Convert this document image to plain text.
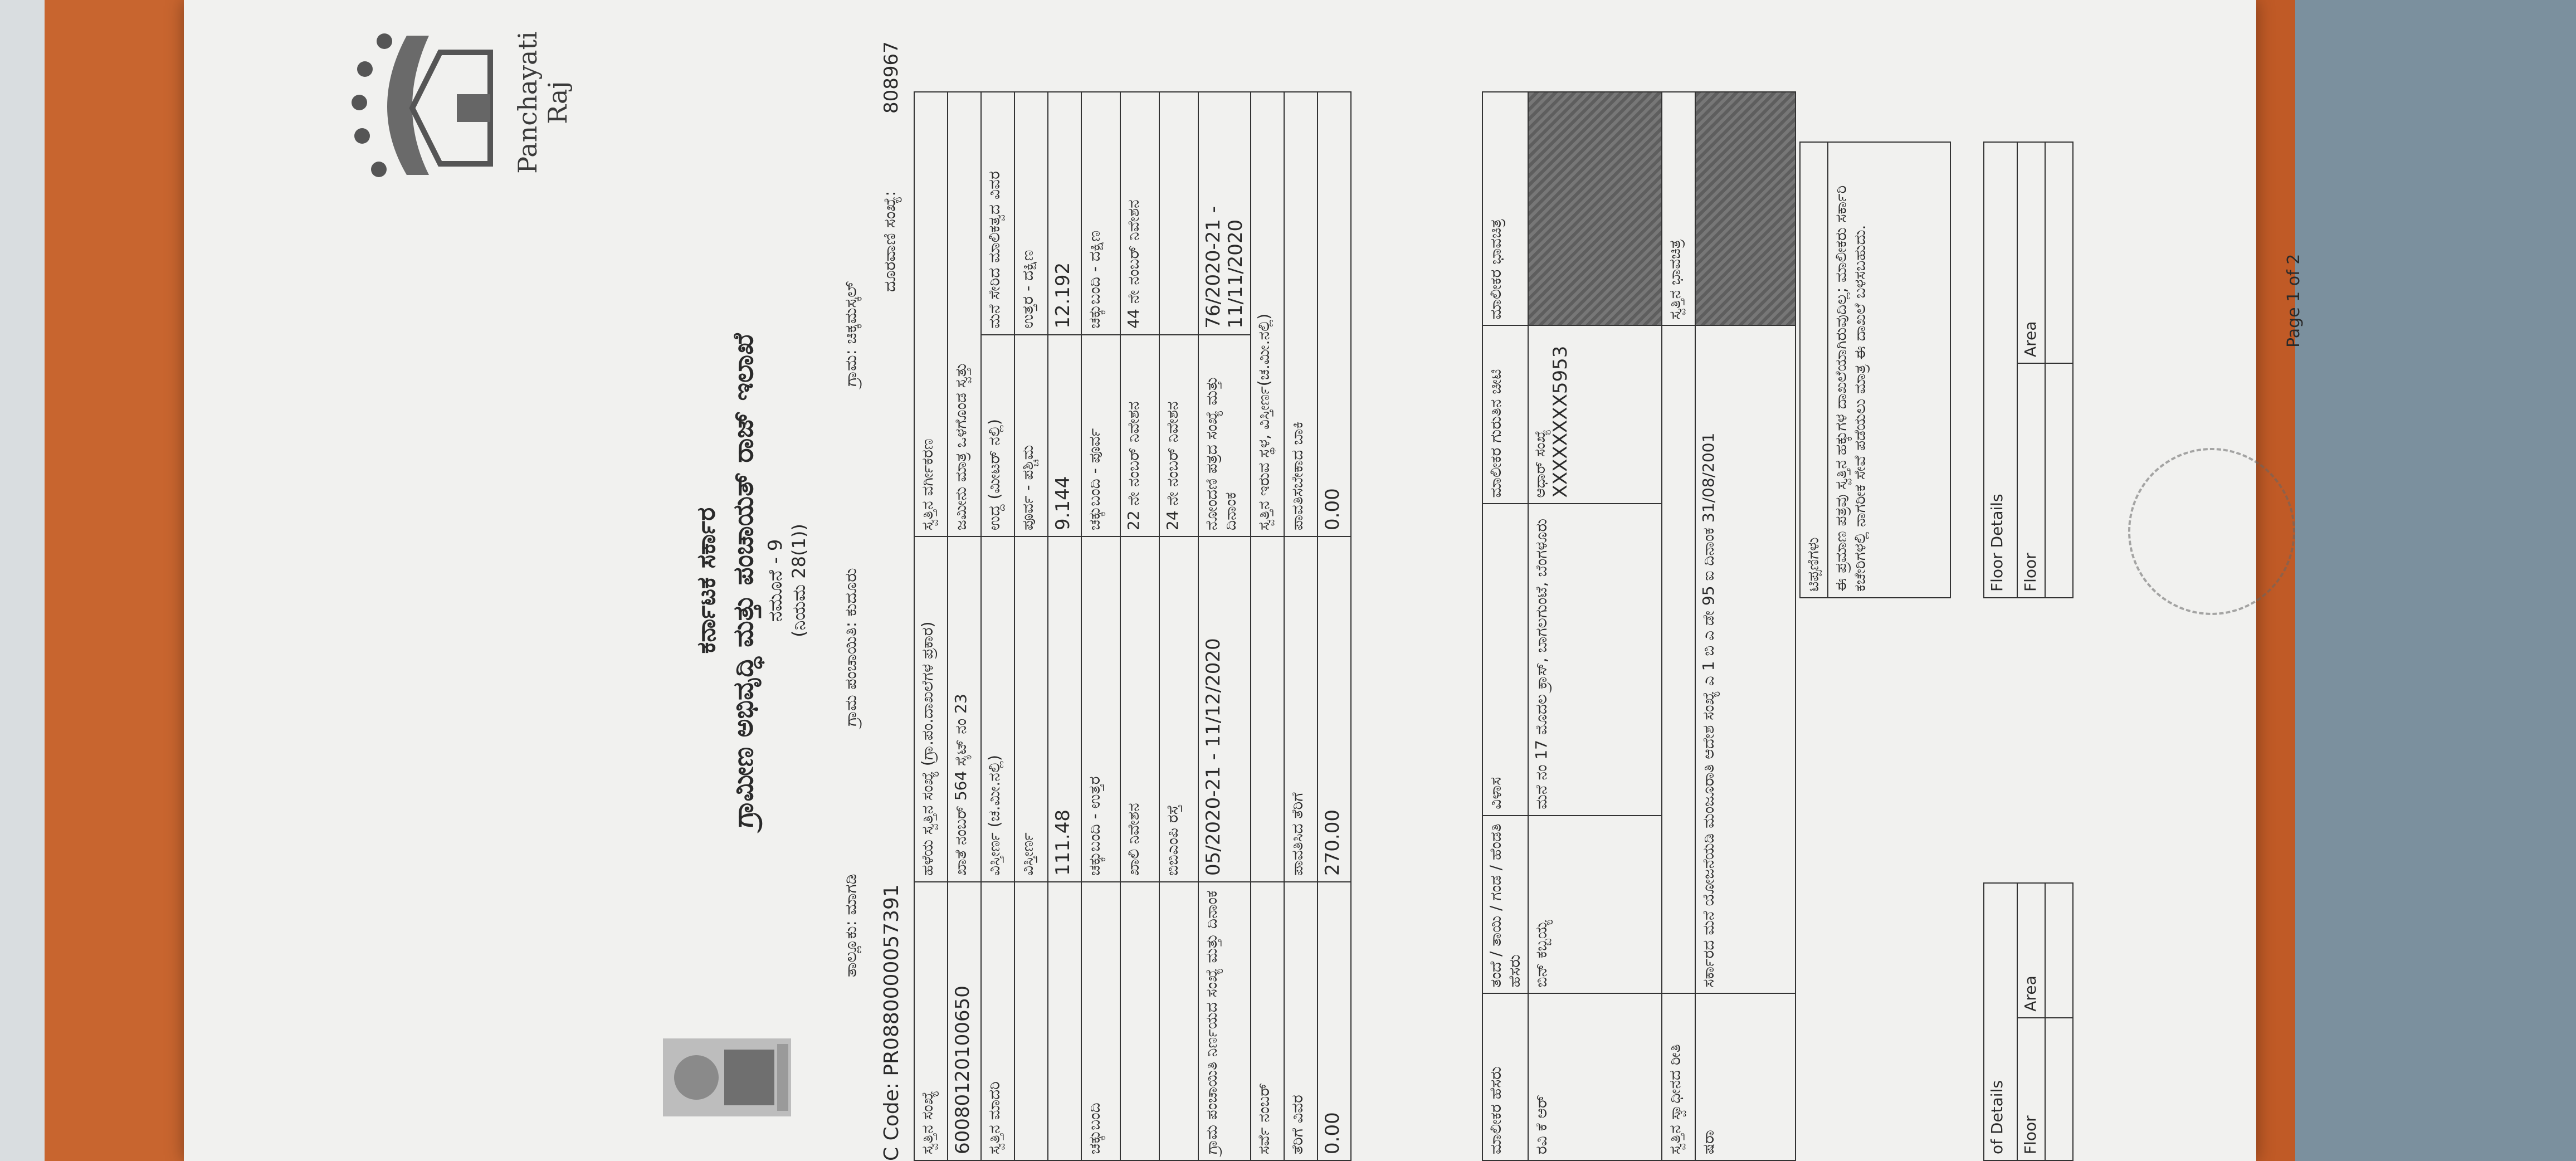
Panchayati Raj
ಕರ್ನಾಟಕ ಸರ್ಕಾರ ಗ್ರಾಮೀಣ ಅಭಿವೃದ್ಧಿ ಮತ್ತು ಪಂಚಾಯತ್ ರಾಜ್ ಇಲಾಖೆ ನಮೂನೆ - 9 (ನಿಯಮ 28(1))
ತಾಲ್ಲೂಕು: ಮಾಗಡಿ
ಗ್ರಾಮ ಪಂಚಾಯಿತಿ: ಕುದೂರು
ಗ್ರಾಮ: ಚಿಕ್ಕಮಸ್ಕಲ್
C Code: PR0880000057391
ದೂರವಾಣಿ ಸಂಖ್ಯೆ:
808967
ಸ್ವತ್ತಿನ ಸಂಖ್ಯೆ	ಹಳೆಯ ಸ್ವತ್ತಿನ ಸಂಖ್ಯೆ (ಗ್ರಾ.ಪಂ.ದಾಖಲೆಗಳ ಪ್ರಕಾರ)	ಸ್ವತ್ತಿನ ವರ್ಗೀಕರಣ	
60080120100650	ಖಾತೆ ನಂಬರ್ 564 ಸೈಟ್ ನಂ 23	ಜಮೀನು ಮಾತ್ರ ಒಳಗೊಂಡ ಸ್ವತ್ತು	
ಸ್ವತ್ತಿನ ಮಾದರಿ	ವಿಸ್ತೀರ್ಣ (ಚ.ಮೀ.ನಲ್ಲಿ)	ಉದ್ದ (ಮೀಟರ್ ನಲ್ಲಿ)	ಮನೆ ಸೇರಿದ ಮಾಲಿಕತ್ವದ ವಿವರ
	ವಿಸ್ತೀರ್ಣ	ಪೂರ್ವ - ಪಶ್ಚಿಮ	ಉತ್ತರ - ದಕ್ಷಿಣ
	111.48	9.144	12.192
ಚಕ್ಕುಬಂದಿ	ಚಕ್ಕುಬಂದಿ - ಉತ್ತರ	ಚಕ್ಕುಬಂದಿ - ಪೂರ್ವ	ಚಕ್ಕುಬಂದಿ - ದಕ್ಷಿಣ
	ಖಾಲಿ ನಿವೇಶನ	22 ನೇ ನಂಬರ್ ನಿವೇಶನ	44 ನೇ ನಂಬರ್ ನಿವೇಶನ
	ಬಿಬಿಎಂಪಿ ರಸ್ತೆ	24 ನೇ ನಂಬರ್ ನಿವೇಶನ	
ಗ್ರಾಮ ಪಂಚಾಯಿತಿ ನಿರ್ಣಯದ ಸಂಖ್ಯೆ ಮತ್ತು ದಿನಾಂಕ	05/2020-21 - 11/12/2020	ನೋಂದಣಿ ಪತ್ರದ ಸಂಖ್ಯೆ ಮತ್ತು ದಿನಾಂಕ	76/2020-21 - 11/11/2020
ಸರ್ವೆ ನಂಬರ್		ಸ್ವತ್ತಿನ ಇರುವ ಸ್ಥಳ, ವಿಸ್ತೀರ್ಣ(ಚ.ಮೀ.ನಲ್ಲಿ)	
ತೆರಿಗೆ ವಿವರ	ಪಾವತಿಸಿದ ತೆರಿಗೆ	ಪಾವತಿಸಬೇಕಾದ ಬಾಕಿ	
0.00	270.00	0.00	
ಮಾಲೀಕರ ಹೆಸರು	ತಂದೆ / ತಾಯಿ / ಗಂಡ / ಹೆಂಡತಿ ಹೆಸರು	ವಿಳಾಸ	ಮಾಲೀಕರ ಗುರುತಿನ ಚೀಟಿ	ಮಾಲೀಕರ ಭಾವಚಿತ್ರ
ರವಿ ಕೆ ಆರ್	ಬಿನ್ ಕಬ್ಬಯ್ಯ	ಮನೆ ನಂ 17 ಮೊದಲ ಕ್ರಾಸ್, ಬಾಗಲಗುಂಟೆ, ಬೆಂಗಳೂರು	ಆಧಾರ್ ಸಂಖ್ಯೆ XXXXXXXX5953	

ಸ್ವತ್ತಿನ ಸ್ವಾಧೀನದ ರೀತಿ				ಸ್ವತ್ತಿನ ಭಾವಚಿತ್ರ
ಷರಾ	ಸರ್ಕಾರದ ಮನೆ ಯೋಜನೆಯಡಿ ಮಂಜೂರಾತಿ ಆದೇಶ ಸಂಖ್ಯೆ ಎ 1 ಬಿ ಎ ಡೇ 95 ಐ ದಿನಾಂಕ 31/08/2001				ಟಿಪ್ಪಣಿಗಳು
ಈ ಪ್ರಮಾಣ ಪತ್ರವು ಸ್ವತ್ತಿನ ಹಕ್ಕುಗಳ ದಾಖಲೆಯಾಗಿರುವುದಿಲ್ಲ; ಮಾಲೀಕರು ಸರ್ಕಾರಿ ಕಚೇರಿಗಳಲ್ಲಿ ನಾಗರೀಕ ಸೇವೆ ಪಡೆಯಲು ಮಾತ್ರ ಈ ದಾಖಲೆ ಬಳಸಬಹುದು.
of Details	
Floor	Area

Floor Details	
Floor	Area
		Page 1 of 2
